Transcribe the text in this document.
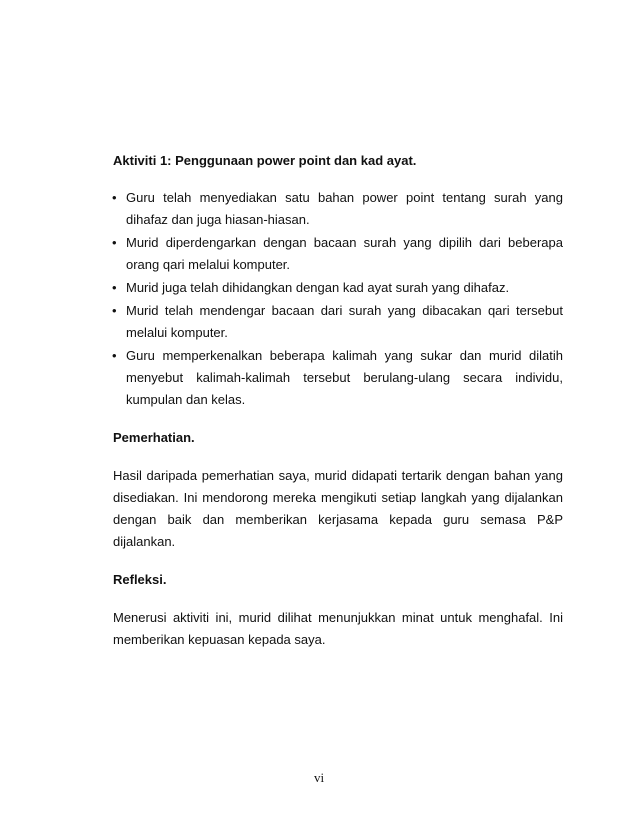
Aktiviti 1: Penggunaan power point dan kad ayat.

• Guru telah menyediakan satu bahan power point tentang surah yang dihafaz dan juga hiasan-hiasan.
• Murid diperdengarkan dengan bacaan surah yang dipilih dari beberapa orang qari melalui komputer.
• Murid juga telah dihidangkan dengan kad ayat surah yang dihafaz.
• Murid telah mendengar bacaan dari surah yang dibacakan qari tersebut melalui komputer.
• Guru memperkenalkan beberapa kalimah yang sukar dan murid dilatih menyebut kalimah-kalimah tersebut berulang-ulang secara individu, kumpulan dan kelas.

Pemerhatian.

Hasil daripada pemerhatian saya, murid didapati tertarik dengan bahan yang disediakan. Ini mendorong mereka mengikuti setiap langkah yang dijalankan dengan baik dan memberikan kerjasama kepada guru semasa P&P dijalankan.

Refleksi.

Menerusi aktiviti ini, murid dilihat menunjukkan minat untuk menghafal. Ini memberikan kepuasan kepada saya.

vi
